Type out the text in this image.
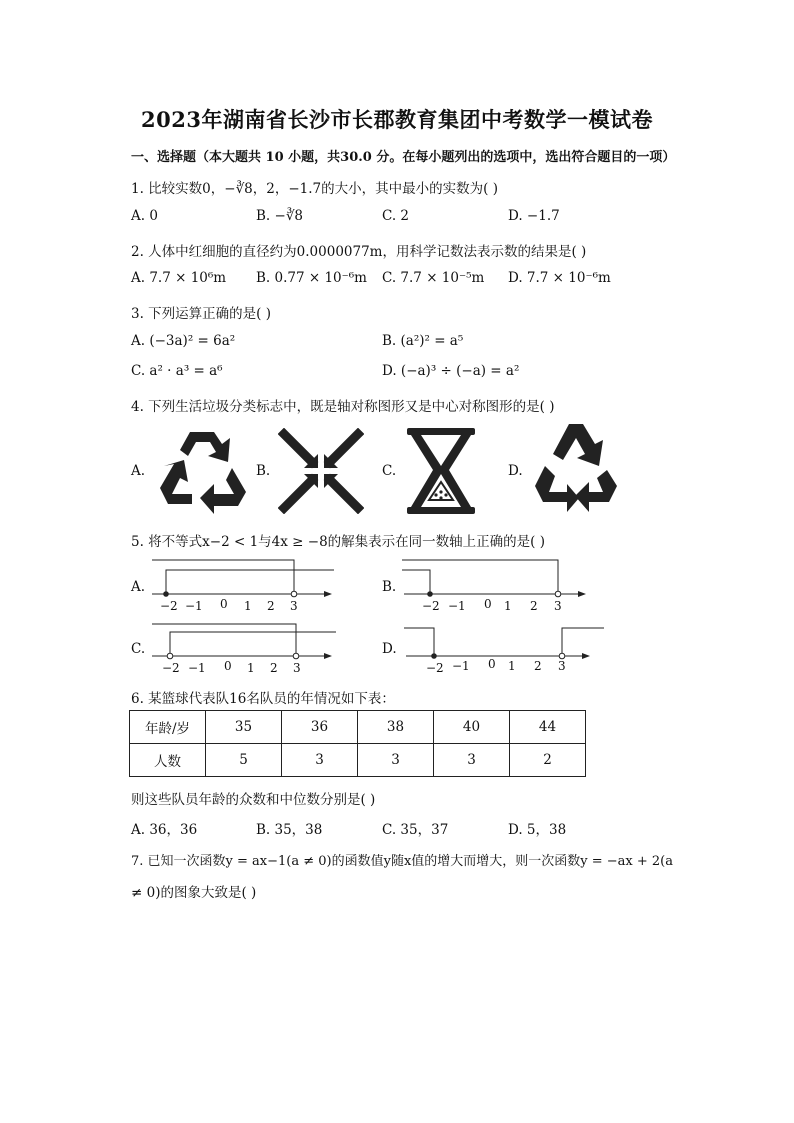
2023年湖南省长沙市长郡教育集团中考数学一模试卷
一、选择题（本大题共 10 小题，共30.0 分。在每小题列出的选项中，选出符合题目的一项）
1. 比较实数0，−∛8，2，−1.7的大小，其中最小的实数为( )
A. 0	B. −∛8	C. 2	D. −1.7
2. 人体中红细胞的直径约为0.0000077m，用科学记数法表示数的结果是( )
A. 7.7 × 10⁶m B. 0.77 × 10⁻⁶m C. 7.7 × 10⁻⁵m D. 7.7 × 10⁻⁶m
3. 下列运算正确的是( )
A. (−3a)² = 6a²	B. (a²)² = a⁵
C. a² · a³ = a⁶	D. (−a)³ ÷ (−a) = a²
4. 下列生活垃圾分类标志中，既是轴对称图形又是中心对称图形的是( )
A.	B.	C.	D.
5. 将不等式x−2 < 1与4x ≥ −8的解集表示在同一数轴上正确的是( )
A.	B.
C.	D.
−2 −1 0 1 2 3	−2 −1 0 1 2 3
−2 −1 0 1 2 3	−2 −1 0 1 2 3
6. 某篮球代表队16名队员的年情况如下表：
年龄/岁	35	36	38	40	44
人数	5	3	3	3	2
则这些队员年龄的众数和中位数分别是( )
A. 36，36	B. 35，38	C. 35，37	D. 5，38
7. 已知一次函数y = ax−1(a ≠ 0)的函数值y随x值的增大而增大，则一次函数y = −ax + 2(a
≠ 0)的图象大致是( )
